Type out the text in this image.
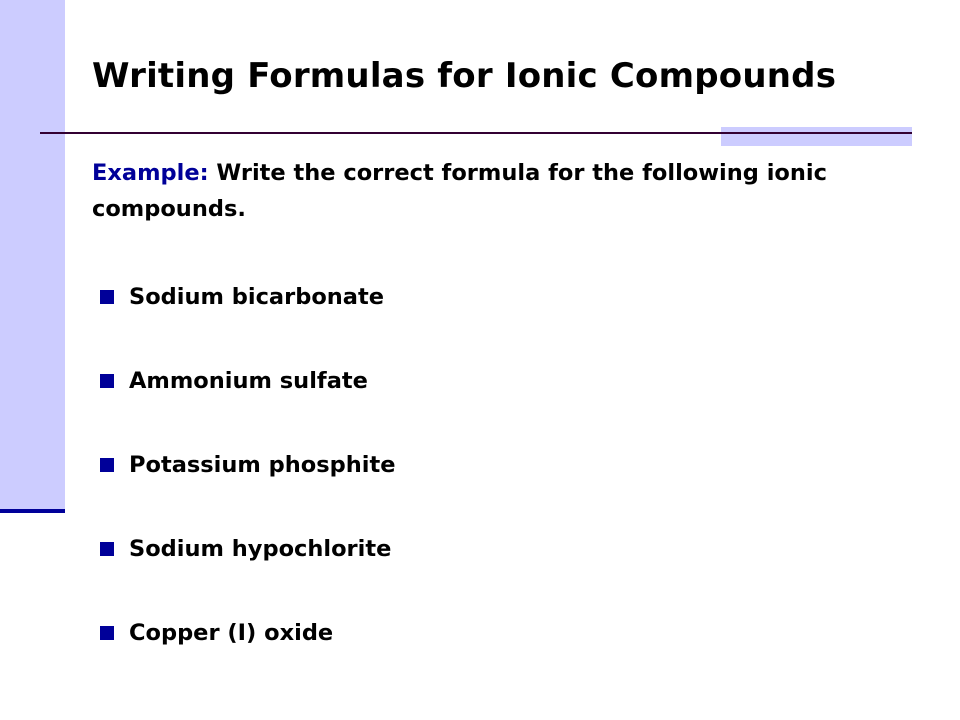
Writing Formulas for Ionic Compounds
Example: Write the correct formula for the following ionic compounds.
Sodium bicarbonate
Ammonium sulfate
Potassium phosphite
Sodium hypochlorite
Copper (I) oxide
